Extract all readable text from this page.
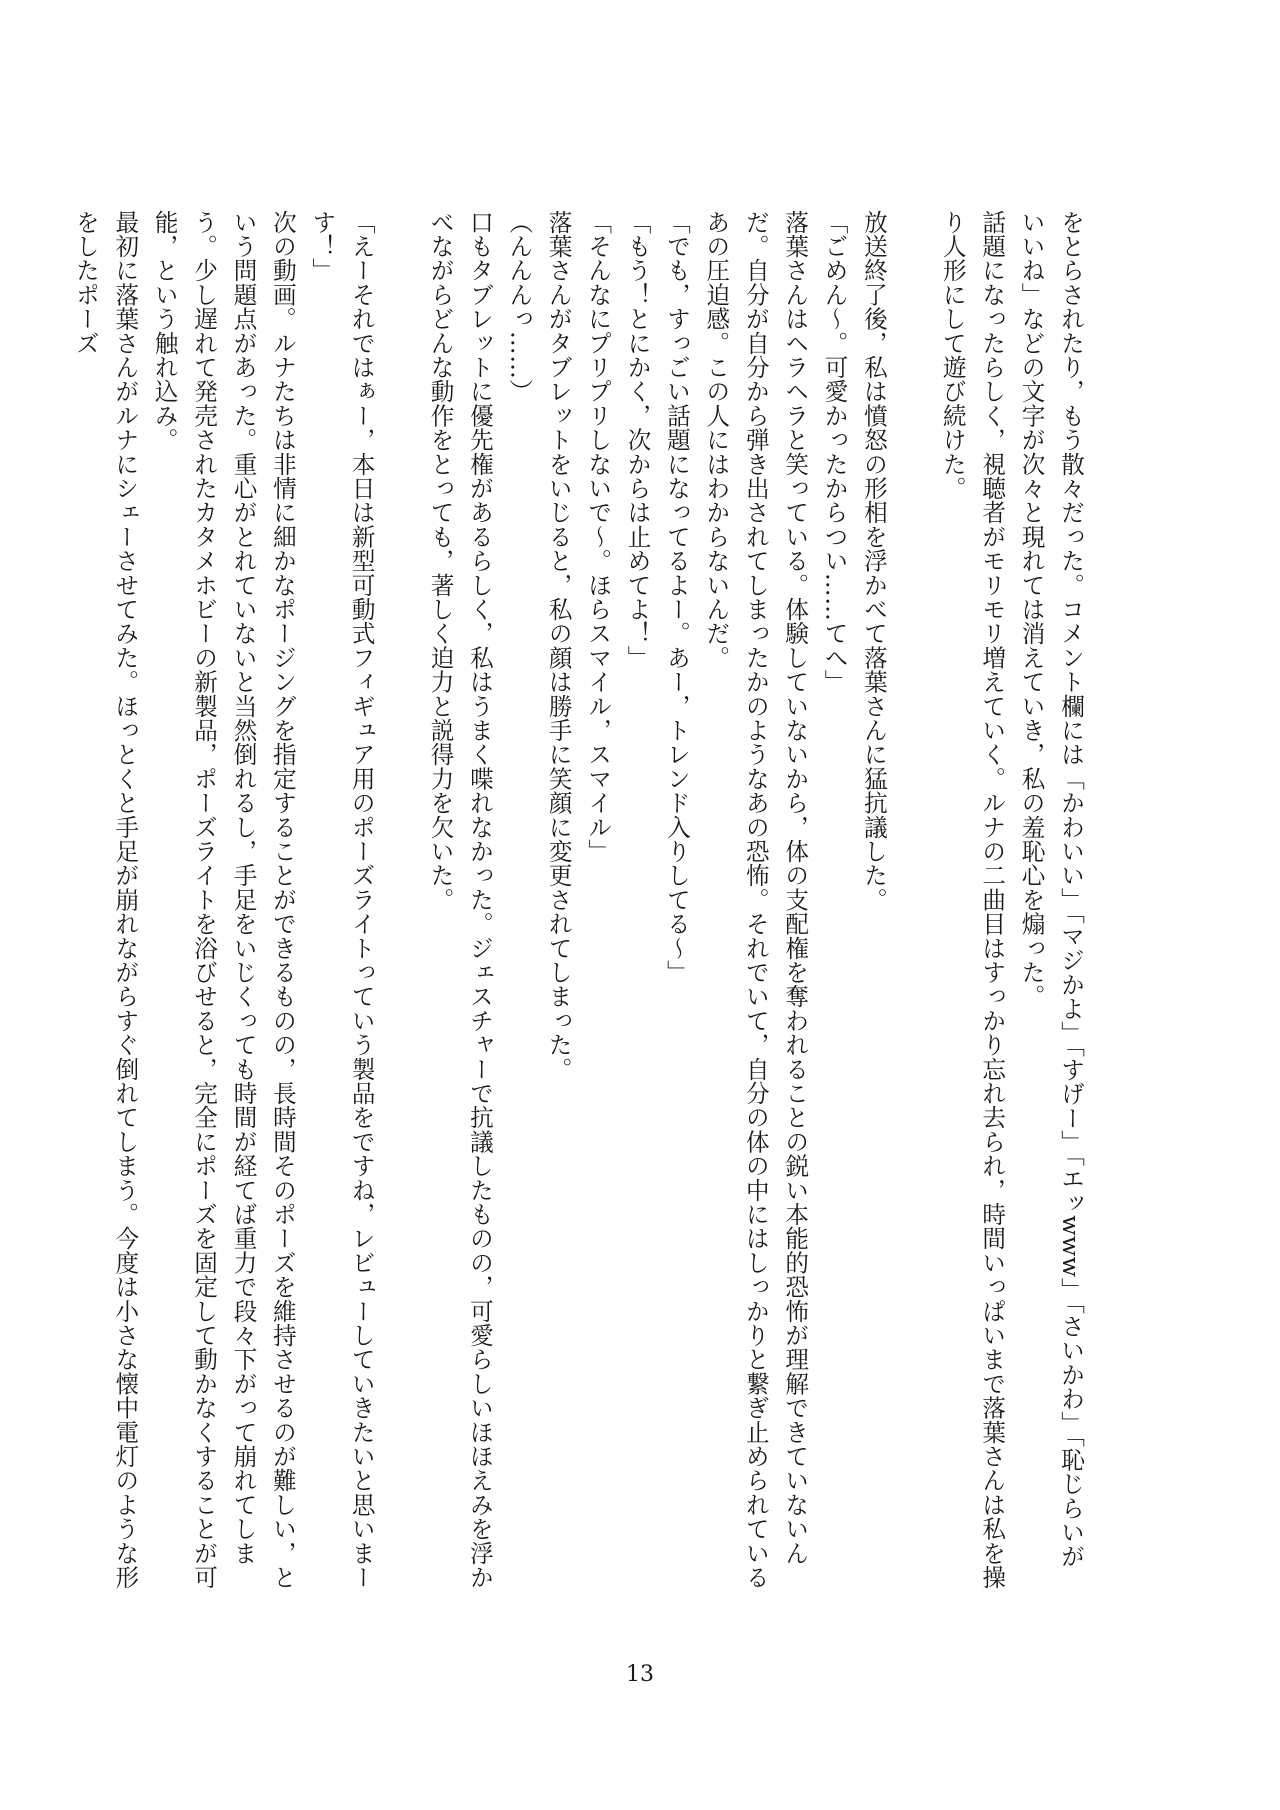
をとらされたり，もう散々だった。コメント欄には「かわいい」「マジかよ」「すげー」「エッwww」「さいかわ」「恥じらいがいいね」などの文字が次々と現れては消えていき，私の羞恥心を煽った。

話題になったらしく，視聴者がモリモリ増えていく。ルナの二曲目はすっかり忘れ去られ，時間いっぱいまで落葉さんは私を操り人形にして遊び続けた。

放送終了後，私は憤怒の形相を浮かべて落葉さんに猛抗議した。

「ごめん～。可愛かったからつい……てへ」

落葉さんはヘラヘラと笑っている。体験していないから，体の支配権を奪われることの鋭い本能的恐怖が理解できていないんだ。自分が自分から弾き出されてしまったかのようなあの恐怖。それでいて，自分の体の中にはしっかりと繋ぎ止められているあの圧迫感。この人にはわからないんだ。

「でも，すっごい話題になってるよー。あー，トレンド入りしてる～」

「もう！とにかく，次からは止めてよ！」

「そんなにプリプリしないで～。ほらスマイル，スマイル」

落葉さんがタブレットをいじると，私の顔は勝手に笑顔に変更されてしまった。

（んんんっ……）

口もタブレットに優先権があるらしく，私はうまく喋れなかった。ジェスチャーで抗議したものの，可愛らしいほほえみを浮かべながらどんな動作をとっても，著しく迫力と説得力を欠いた。

「えーそれではぁー，本日は新型可動式フィギュア用のポーズライトっていう製品をですね，レビューしていきたいと思いまーす！」

次の動画。ルナたちは非情に細かなポージングを指定することができるものの，長時間そのポーズを維持させるのが難しい，という問題点があった。重心がとれていないと当然倒れるし，手足をいじくっても時間が経てば重力で段々下がって崩れてしまう。少し遅れて発売されたカタメホビーの新製品，ポーズライトを浴びせると，完全にポーズを固定して動かなくすることが可能，という触れ込み。

最初に落葉さんがルナにシェーさせてみた。ほっとくと手足が崩れながらすぐ倒れてしまう。今度は小さな懐中電灯のような形をしたポーズ

13
